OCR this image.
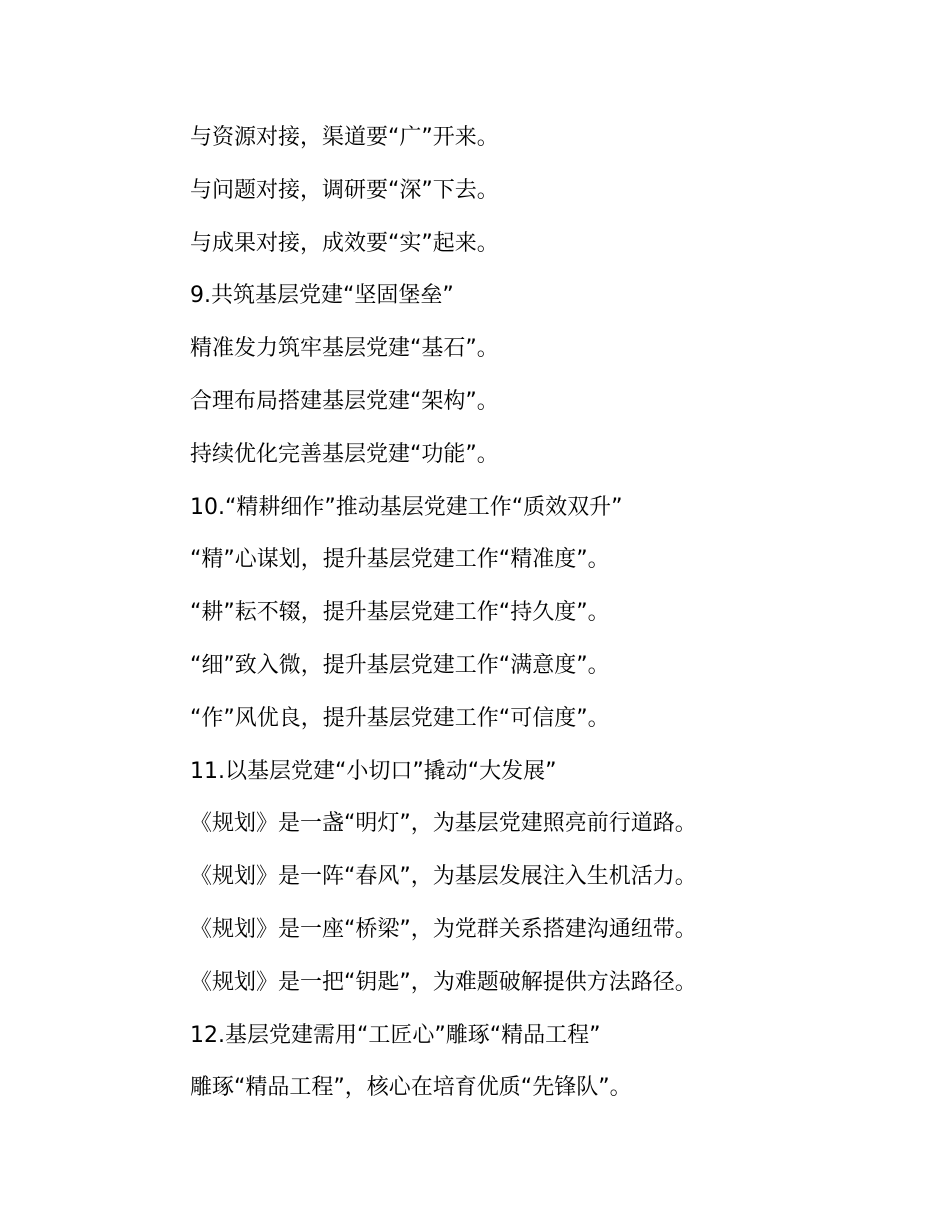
与资源对接，渠道要“广”开来。

与问题对接，调研要“深”下去。

与成果对接，成效要“实”起来。

9.共筑基层党建“坚固堡垒”

精准发力筑牢基层党建“基石”。

合理布局搭建基层党建“架构”。

持续优化完善基层党建“功能”。

10.“精耕细作”推动基层党建工作“质效双升”

“精”心谋划，提升基层党建工作“精准度”。

“耕”耘不辍，提升基层党建工作“持久度”。

“细”致入微，提升基层党建工作“满意度”。

“作”风优良，提升基层党建工作“可信度”。

11.以基层党建“小切口”撬动“大发展”

《规划》是一盏“明灯”，为基层党建照亮前行道路。

《规划》是一阵“春风”，为基层发展注入生机活力。

《规划》是一座“桥梁”，为党群关系搭建沟通纽带。

《规划》是一把“钥匙”，为难题破解提供方法路径。

12.基层党建需用“工匠心”雕琢“精品工程”

雕琢“精品工程”，核心在培育优质“先锋队”。
